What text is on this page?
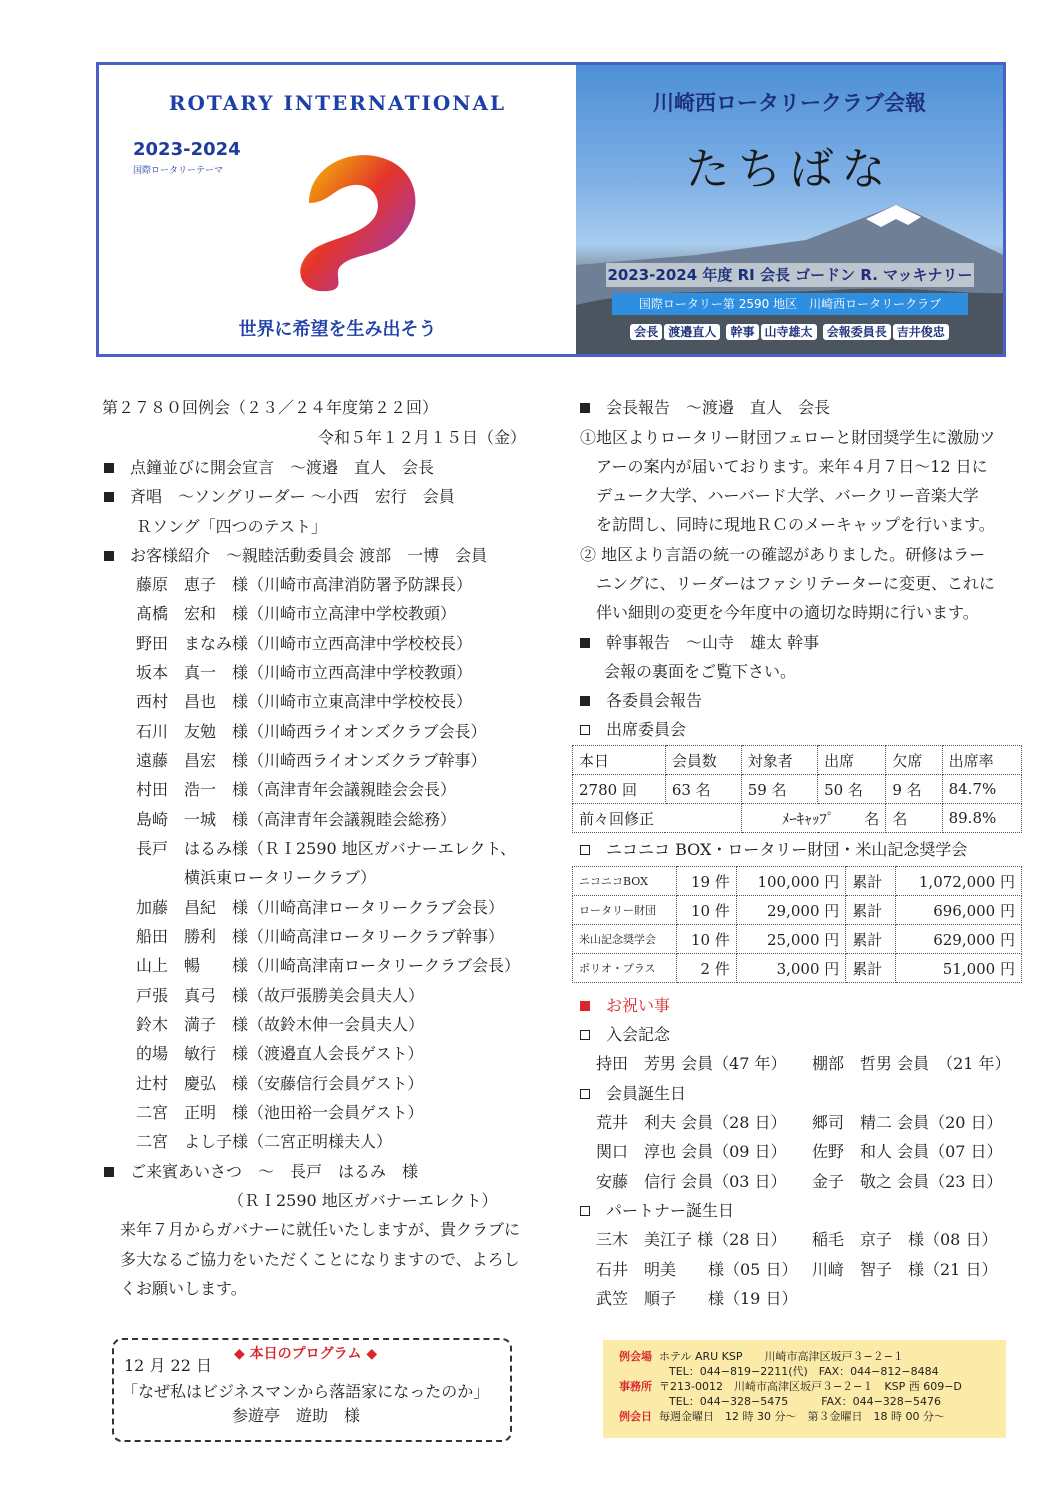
ROTARY INTERNATIONAL
2023-2024
国際ロータリーテーマ
世界に希望を生み出そう
川崎西ロータリークラブ会報
たちばな
2023-2024 年度 RI 会長 ゴードン R. マッキナリー
国際ロータリー第 2590 地区　川崎西ロータリークラブ
会長 渡邉直人 幹事 山寺雄太 会報委員長 吉井俊忠
第２７８０回例会（２３／２４年度第２２回）
令和５年１２月１５日（金）
点鐘並びに開会宣言　～渡邉　直人　会長
斉唱　～ソングリーダー ～小西　宏行　会員
Ｒソング「四つのテスト」
お客様紹介　～親睦活動委員会 渡部　一博　会員
藤原　恵子　様（川崎市高津消防署予防課長）
髙橋　宏和　様（川崎市立高津中学校教頭）
野田　まなみ様（川崎市立西高津中学校校長）
坂本　真一　様（川崎市立西高津中学校教頭）
西村　昌也　様（川崎市立東高津中学校校長）
石川　友勉　様（川崎西ライオンズクラブ会長）
遠藤　昌宏　様（川崎西ライオンズクラブ幹事）
村田　浩一　様（高津青年会議親睦会会長）
島崎　一城　様（高津青年会議親睦会総務）
長戸　はるみ様（ＲＩ2590 地区ガバナーエレクト、
　　　横浜東ロータリークラブ）
加藤　昌紀　様（川崎高津ロータリークラブ会長）
船田　勝利　様（川崎高津ロータリークラブ幹事）
山上　暢　　様（川崎高津南ロータリークラブ会長）
戸張　真弓　様（故戸張勝美会員夫人）
鈴木　満子　様（故鈴木伸一会員夫人）
的場　敏行　様（渡邉直人会長ゲスト）
辻村　慶弘　様（安藤信行会員ゲスト）
二宮　正明　様（池田裕一会員ゲスト）
二宮　よし子様（二宮正明様夫人）
ご来賓あいさつ　～　長戸　はるみ　様
（ＲＩ2590 地区ガバナーエレクト）
来年７月からガバナーに就任いたしますが、貴クラブに
多大なるご協力をいただくことになりますので、よろし
くお願いします。
◆ 本日のプログラム ◆
12 月 22 日
「なぜ私はビジネスマンから落語家になったのか」
参遊亭　遊助　様
会長報告　～渡邉　直人　会長
①地区よりロータリー財団フェローと財団奨学生に激励ツ
　アーの案内が届いております。来年４月７日～12 日に
　デューク大学、ハーバード大学、バークリー音楽大学
　を訪問し、同時に現地ＲＣのメーキャップを行います。
② 地区より言語の統一の確認がありました。研修はラー
　ニングに、リーダーはファシリテーターに変更、これに
　伴い細則の変更を今年度中の適切な時期に行います。
幹事報告　～山寺　雄太 幹事
会報の裏面をご覧下さい。
各委員会報告
出席委員会
本日	会員数	対象者	出席	欠席	出席率
2780 回	63 名	59 名	50 名	9 名	84.7%
前々回修正		ﾒｰｷｬｯﾌﾟ　　名		名	89.8%
ニコニコ BOX・ロータリー財団・米山記念奨学会
ニコニコBOX	19 件	100,000 円	累計	1,072,000 円
ロータリー財団	10 件	29,000 円	累計	696,000 円
米山記念奨学会	10 件	25,000 円	累計	629,000 円
ポリオ・プラス	2 件	3,000 円	累計	51,000 円
お祝い事
入会記念
持田　芳男 会員（47 年） 棚部　哲男 会員　（21 年）
会員誕生日
荒井　利夫 会員（28 日） 郷司　精二 会員（20 日）
関口　淳也 会員（09 日） 佐野　和人 会員（07 日）
安藤　信行 会員（03 日） 金子　敬之 会員（23 日）
パートナー誕生日
三木　美江子 様（28 日） 稲毛　京子　様（08 日）
石井　明美　　様（05 日） 川﨑　智子　様（21 日）
武笠　順子　　様（19 日）
例会場 ホテル ARU KSP　　川崎市高津区坂戸３−２−１
TEL：044−819−2211(代)　FAX：044−812−8484
事務所 〒213-0012　川崎市高津区坂戸３−２−１　KSP 西 609−D
TEL：044−328−5475　　　FAX：044−328−5476
例会日 毎週金曜日　12 時 30 分〜　第３金曜日　18 時 00 分〜
